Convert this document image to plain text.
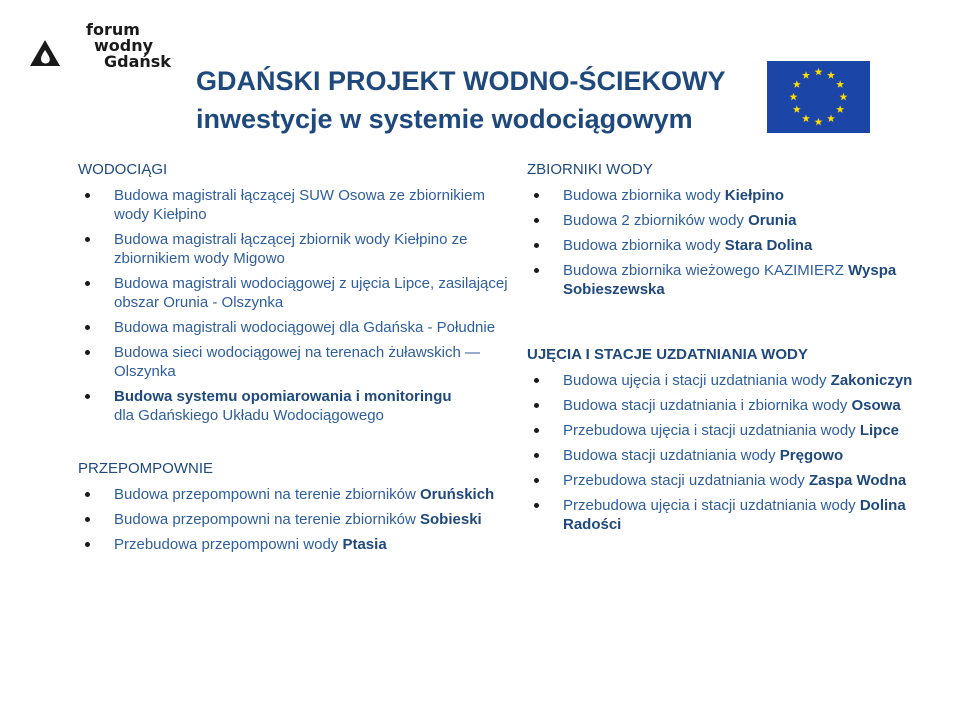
forum
wodny
Gdańsk
GDAŃSKI PROJEKT WODNO-ŚCIEKOWY
inwestycje w systemie wodociągowym
WODOCIĄGI
Budowa magistrali łączącej SUW Osowa ze zbiornikiem wody Kiełpino
Budowa magistrali łączącej zbiornik wody Kiełpino ze zbiornikiem wody Migowo
Budowa magistrali wodociągowej z ujęcia Lipce, zasilającej obszar Orunia - Olszynka
Budowa magistrali wodociągowej dla Gdańska - Południe
Budowa sieci wodociągowej na terenach żuławskich — Olszynka
Budowa systemu opomiarowania i monitoringu
dla Gdańskiego Układu Wodociągowego
PRZEPOMPOWNIE
Budowa przepompowni na terenie zbiorników Oruńskich
Budowa przepompowni na terenie zbiorników Sobieski
Przebudowa przepompowni wody Ptasia
ZBIORNIKI WODY
Budowa zbiornika wody Kiełpino
Budowa 2 zbiorników wody Orunia
Budowa zbiornika wody Stara Dolina
Budowa zbiornika wieżowego KAZIMIERZ Wyspa Sobieszewska
UJĘCIA I STACJE UZDATNIANIA WODY
Budowa ujęcia i stacji uzdatniania wody Zakoniczyn
Budowa stacji uzdatniania i zbiornika wody Osowa
Przebudowa ujęcia i stacji uzdatniania wody Lipce
Budowa stacji uzdatniania wody Pręgowo
Przebudowa stacji uzdatniania wody Zaspa Wodna
Przebudowa ujęcia i stacji uzdatniania wody Dolina Radości
